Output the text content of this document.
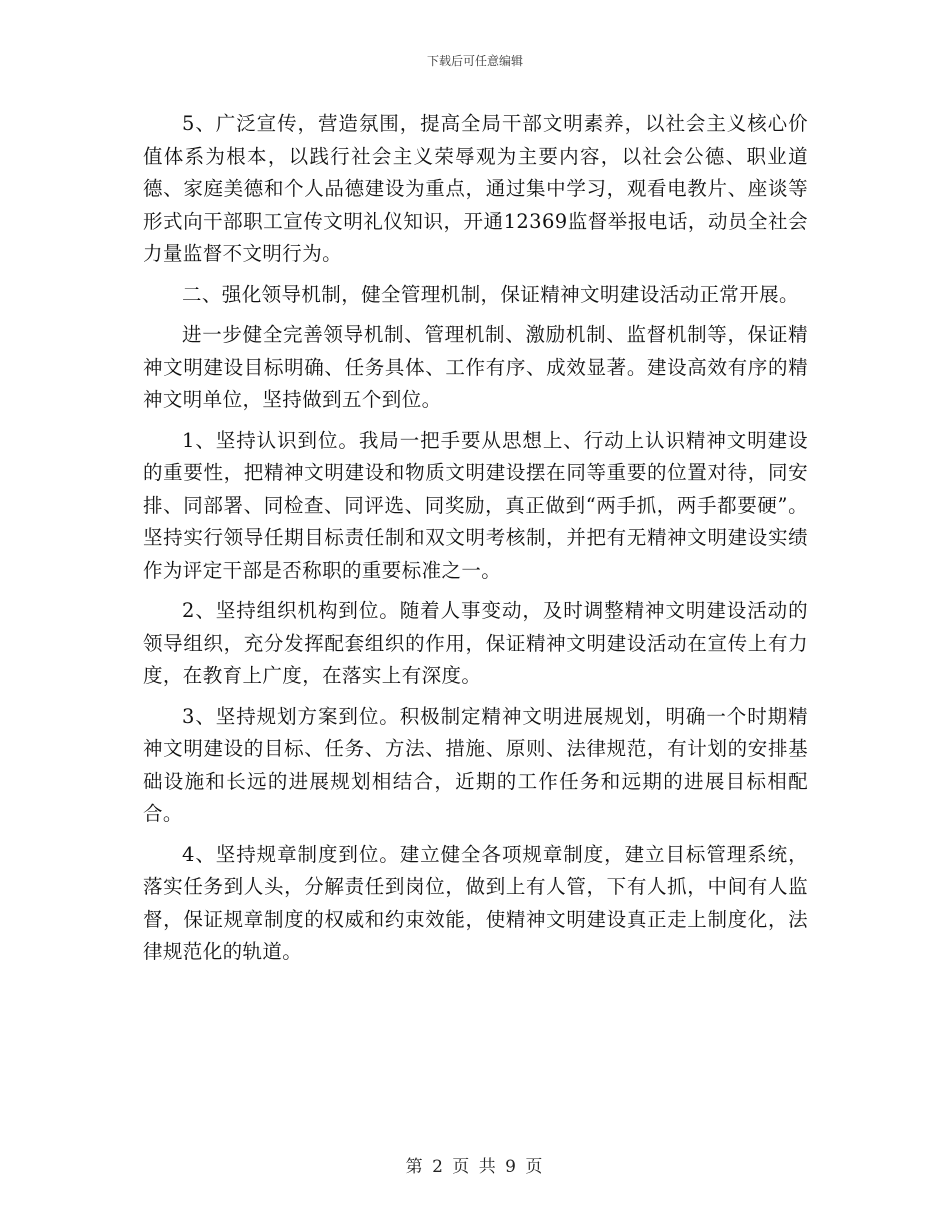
下载后可任意编辑

5、广泛宣传，营造氛围，提高全局干部文明素养，以社会主义核心价值体系为根本，以践行社会主义荣辱观为主要内容，以社会公德、职业道德、家庭美德和个人品德建设为重点，通过集中学习，观看电教片、座谈等形式向干部职工宣传文明礼仪知识，开通12369监督举报电话，动员全社会力量监督不文明行为。

二、强化领导机制，健全管理机制，保证精神文明建设活动正常开展。

进一步健全完善领导机制、管理机制、激励机制、监督机制等，保证精神文明建设目标明确、任务具体、工作有序、成效显著。建设高效有序的精神文明单位，坚持做到五个到位。

1、坚持认识到位。我局一把手要从思想上、行动上认识精神文明建设的重要性，把精神文明建设和物质文明建设摆在同等重要的位置对待，同安排、同部署、同检查、同评选、同奖励，真正做到“两手抓，两手都要硬”。坚持实行领导任期目标责任制和双文明考核制，并把有无精神文明建设实绩作为评定干部是否称职的重要标准之一。

2、坚持组织机构到位。随着人事变动，及时调整精神文明建设活动的领导组织，充分发挥配套组织的作用，保证精神文明建设活动在宣传上有力度，在教育上广度，在落实上有深度。

3、坚持规划方案到位。积极制定精神文明进展规划，明确一个时期精神文明建设的目标、任务、方法、措施、原则、法律规范，有计划的安排基础设施和长远的进展规划相结合，近期的工作任务和远期的进展目标相配合。

4、坚持规章制度到位。建立健全各项规章制度，建立目标管理系统，落实任务到人头，分解责任到岗位，做到上有人管，下有人抓，中间有人监督，保证规章制度的权威和约束效能，使精神文明建设真正走上制度化，法律规范化的轨道。

第 2 页 共 9 页
